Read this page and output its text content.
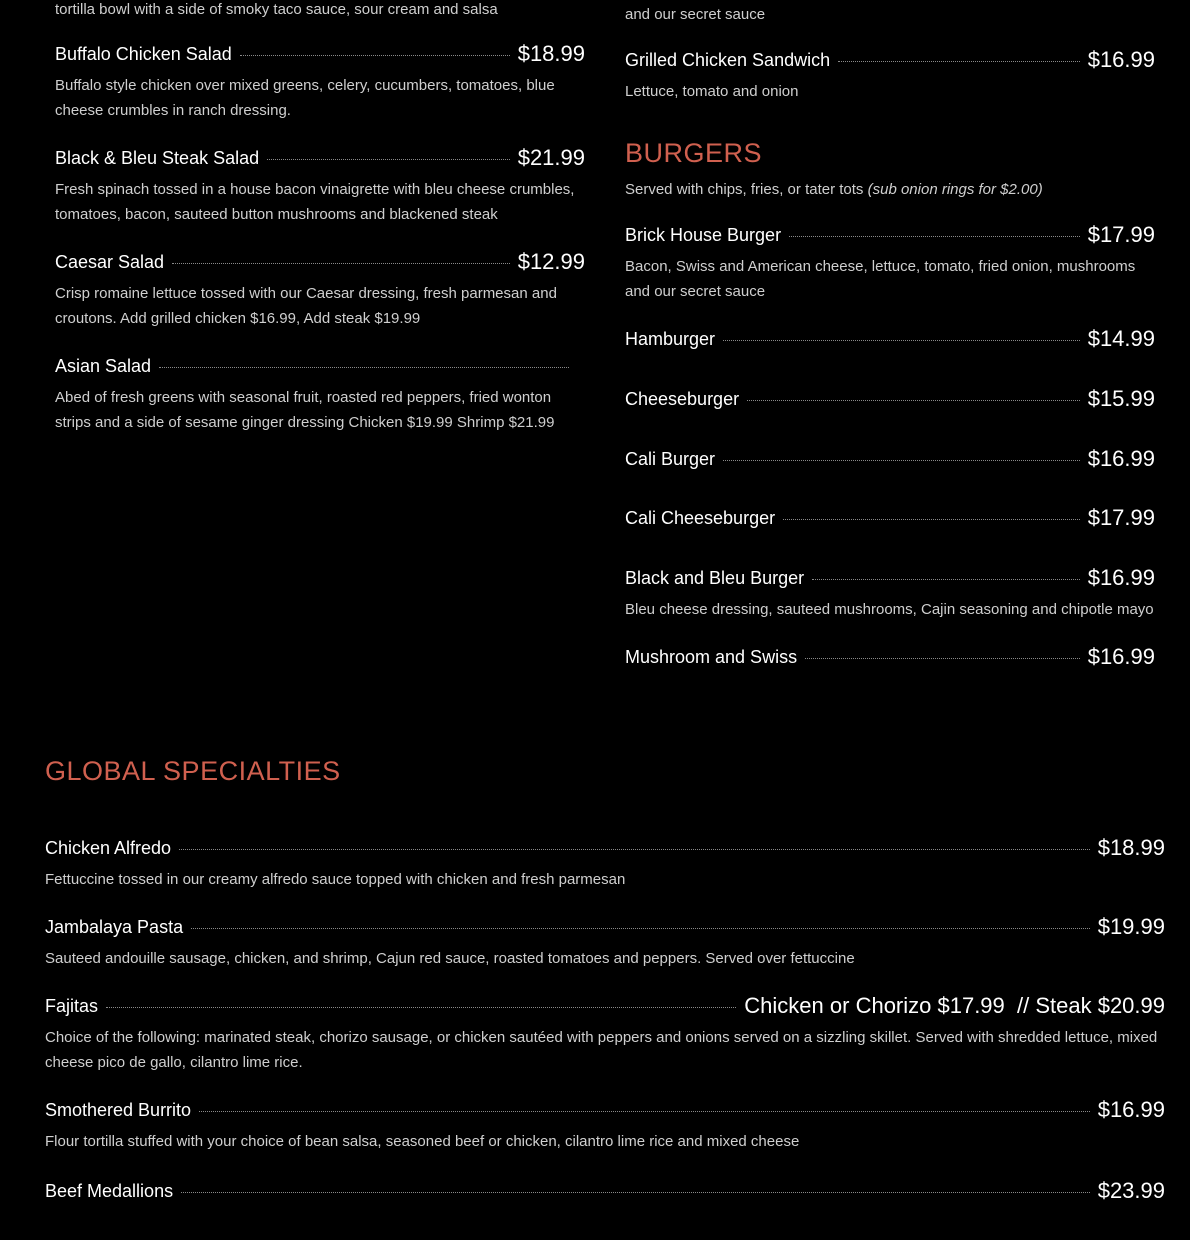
tortilla bowl with a side of smoky taco sauce, sour cream and salsa

Buffalo Chicken Salad	$18.99
Buffalo style chicken over mixed greens, celery, cucumbers, tomatoes, blue cheese crumbles in ranch dressing.
Black & Bleu Steak Salad	$21.99
Fresh spinach tossed in a house bacon vinaigrette with bleu cheese crumbles, tomatoes, bacon, sauteed button mushrooms and blackened steak
Caesar Salad	$12.99
Crisp romaine lettuce tossed with our Caesar dressing, fresh parmesan and croutons. Add grilled chicken $16.99, Add steak $19.99
Asian Salad
Abed of fresh greens with seasonal fruit, roasted red peppers, fried wonton strips and a side of sesame ginger dressing Chicken $19.99 Shrimp $21.99

and our secret sauce

Grilled Chicken Sandwich	$16.99
Lettuce, tomato and onion
BURGERS
Served with chips, fries, or tater tots (sub onion rings for $2.00)
Brick House Burger	$17.99
Bacon, Swiss and American cheese, lettuce, tomato, fried onion, mushrooms and our secret sauce
Hamburger	$14.99
Cheeseburger	$15.99
Cali Burger	$16.99
Cali Cheeseburger	$17.99
Black and Bleu Burger	$16.99
Bleu cheese dressing, sauteed mushrooms, Cajin seasoning and chipotle mayo
Mushroom and Swiss	$16.99
GLOBAL SPECIALTIES
Chicken Alfredo	$18.99
Fettuccine tossed in our creamy alfredo sauce topped with chicken and fresh parmesan
Jambalaya Pasta	$19.99
Sauteed andouille sausage, chicken, and shrimp, Cajun red sauce, roasted tomatoes and peppers. Served over fettuccine
Fajitas	Chicken or Chorizo $17.99  // Steak $20.99
Choice of the following: marinated steak, chorizo sausage, or chicken sautéed with peppers and onions served on a sizzling skillet. Served with shredded lettuce, mixed cheese pico de gallo, cilantro lime rice.
Smothered Burrito	$16.99
Flour tortilla stuffed with your choice of bean salsa, seasoned beef or chicken, cilantro lime rice and mixed cheese
Beef Medallions	$23.99
